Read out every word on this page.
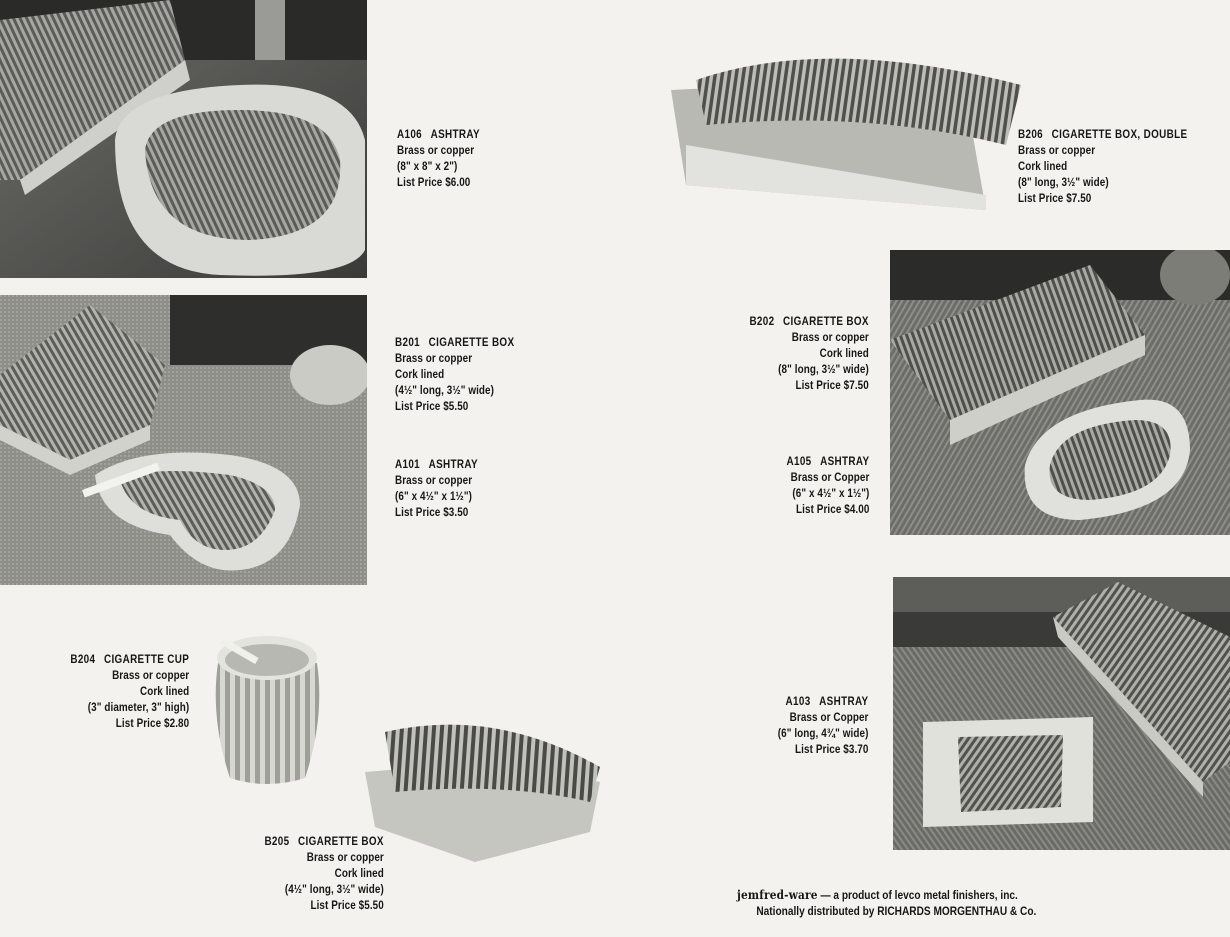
A106 ASHTRAY
Brass or copper
(8" x 8" x 2")
List Price $6.00
B206 CIGARETTE BOX, DOUBLE
Brass or copper
Cork lined
(8" long, 3½" wide)
List Price $7.50
B201 CIGARETTE BOX
Brass or copper
Cork lined
(4½" long, 3½" wide)
List Price $5.50
A101 ASHTRAY
Brass or copper
(6" x 4½" x 1½")
List Price $3.50
B202 CIGARETTE BOX
Brass or copper
Cork lined
(8" long, 3½" wide)
List Price $7.50
A105 ASHTRAY
Brass or Copper
(6" x 4½" x 1½")
List Price $4.00
B204 CIGARETTE CUP
Brass or copper
Cork lined
(3" diameter, 3" high)
List Price $2.80
A103 ASHTRAY
Brass or Copper
(6" long, 4¾" wide)
List Price $3.70
B205 CIGARETTE BOX
Brass or copper
Cork lined
(4½" long, 3½" wide)
List Price $5.50
jemfred-ware — a product of levco metal finishers, inc.
Nationally distributed by RICHARDS MORGENTHAU & Co.
